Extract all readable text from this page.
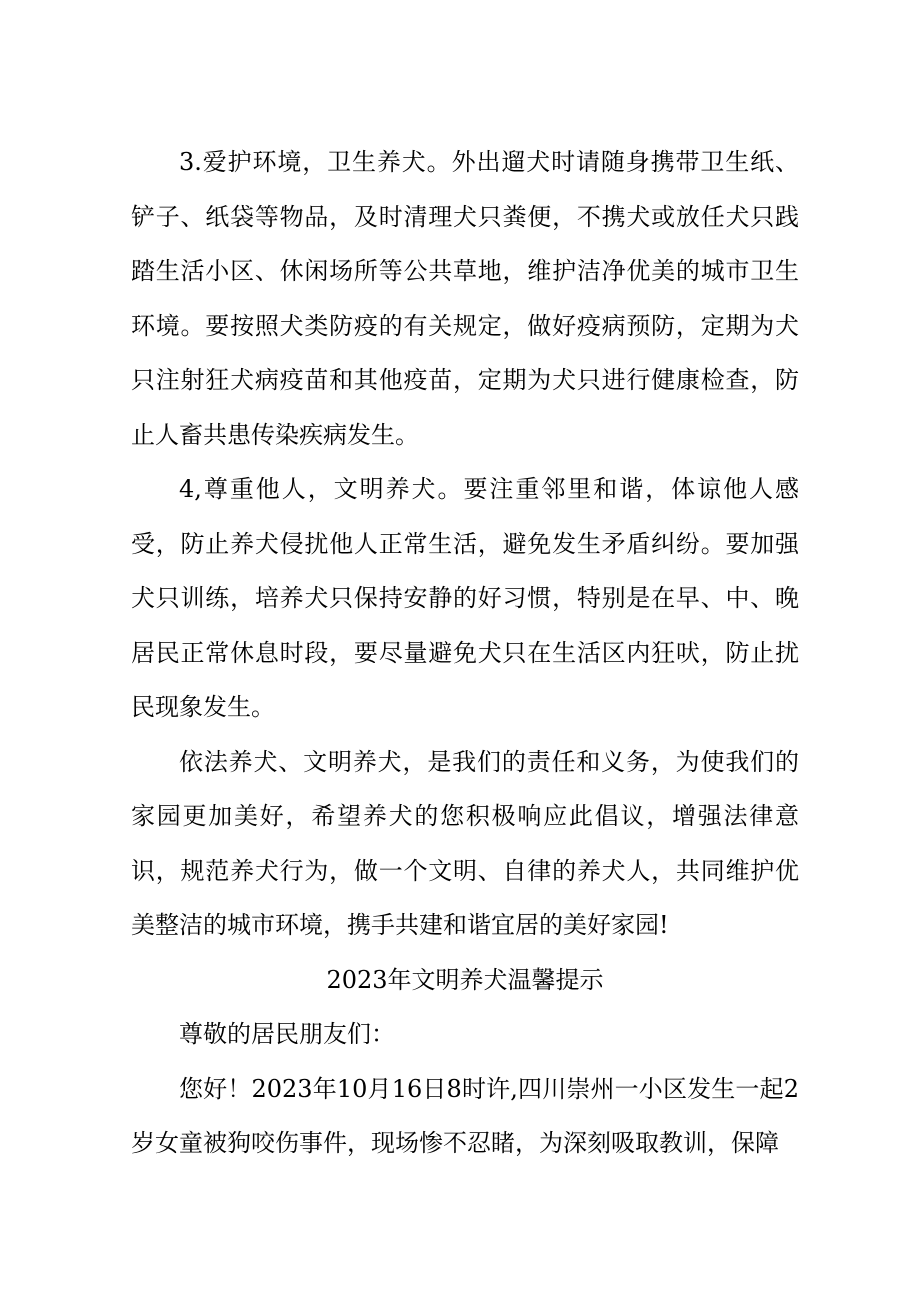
3.爱护环境，卫生养犬。外出遛犬时请随身携带卫生纸、铲子、纸袋等物品，及时清理犬只粪便，不携犬或放任犬只践踏生活小区、休闲场所等公共草地，维护洁净优美的城市卫生环境。要按照犬类防疫的有关规定，做好疫病预防，定期为犬只注射狂犬病疫苗和其他疫苗，定期为犬只进行健康检查，防止人畜共患传染疾病发生。

4,尊重他人，文明养犬。要注重邻里和谐，体谅他人感受，防止养犬侵扰他人正常生活，避免发生矛盾纠纷。要加强犬只训练，培养犬只保持安静的好习惯，特别是在早、中、晚居民正常休息时段，要尽量避免犬只在生活区内狂吠，防止扰民现象发生。

依法养犬、文明养犬，是我们的责任和义务，为使我们的家园更加美好，希望养犬的您积极响应此倡议，增强法律意识，规范养犬行为，做一个文明、自律的养犬人，共同维护优美整洁的城市环境，携手共建和谐宜居的美好家园!

2023年文明养犬温馨提示

尊敬的居民朋友们：

您好！2023年10月16日8时许,四川崇州一小区发生一起2岁女童被狗咬伤事件，现场惨不忍睹，为深刻吸取教训，保障
